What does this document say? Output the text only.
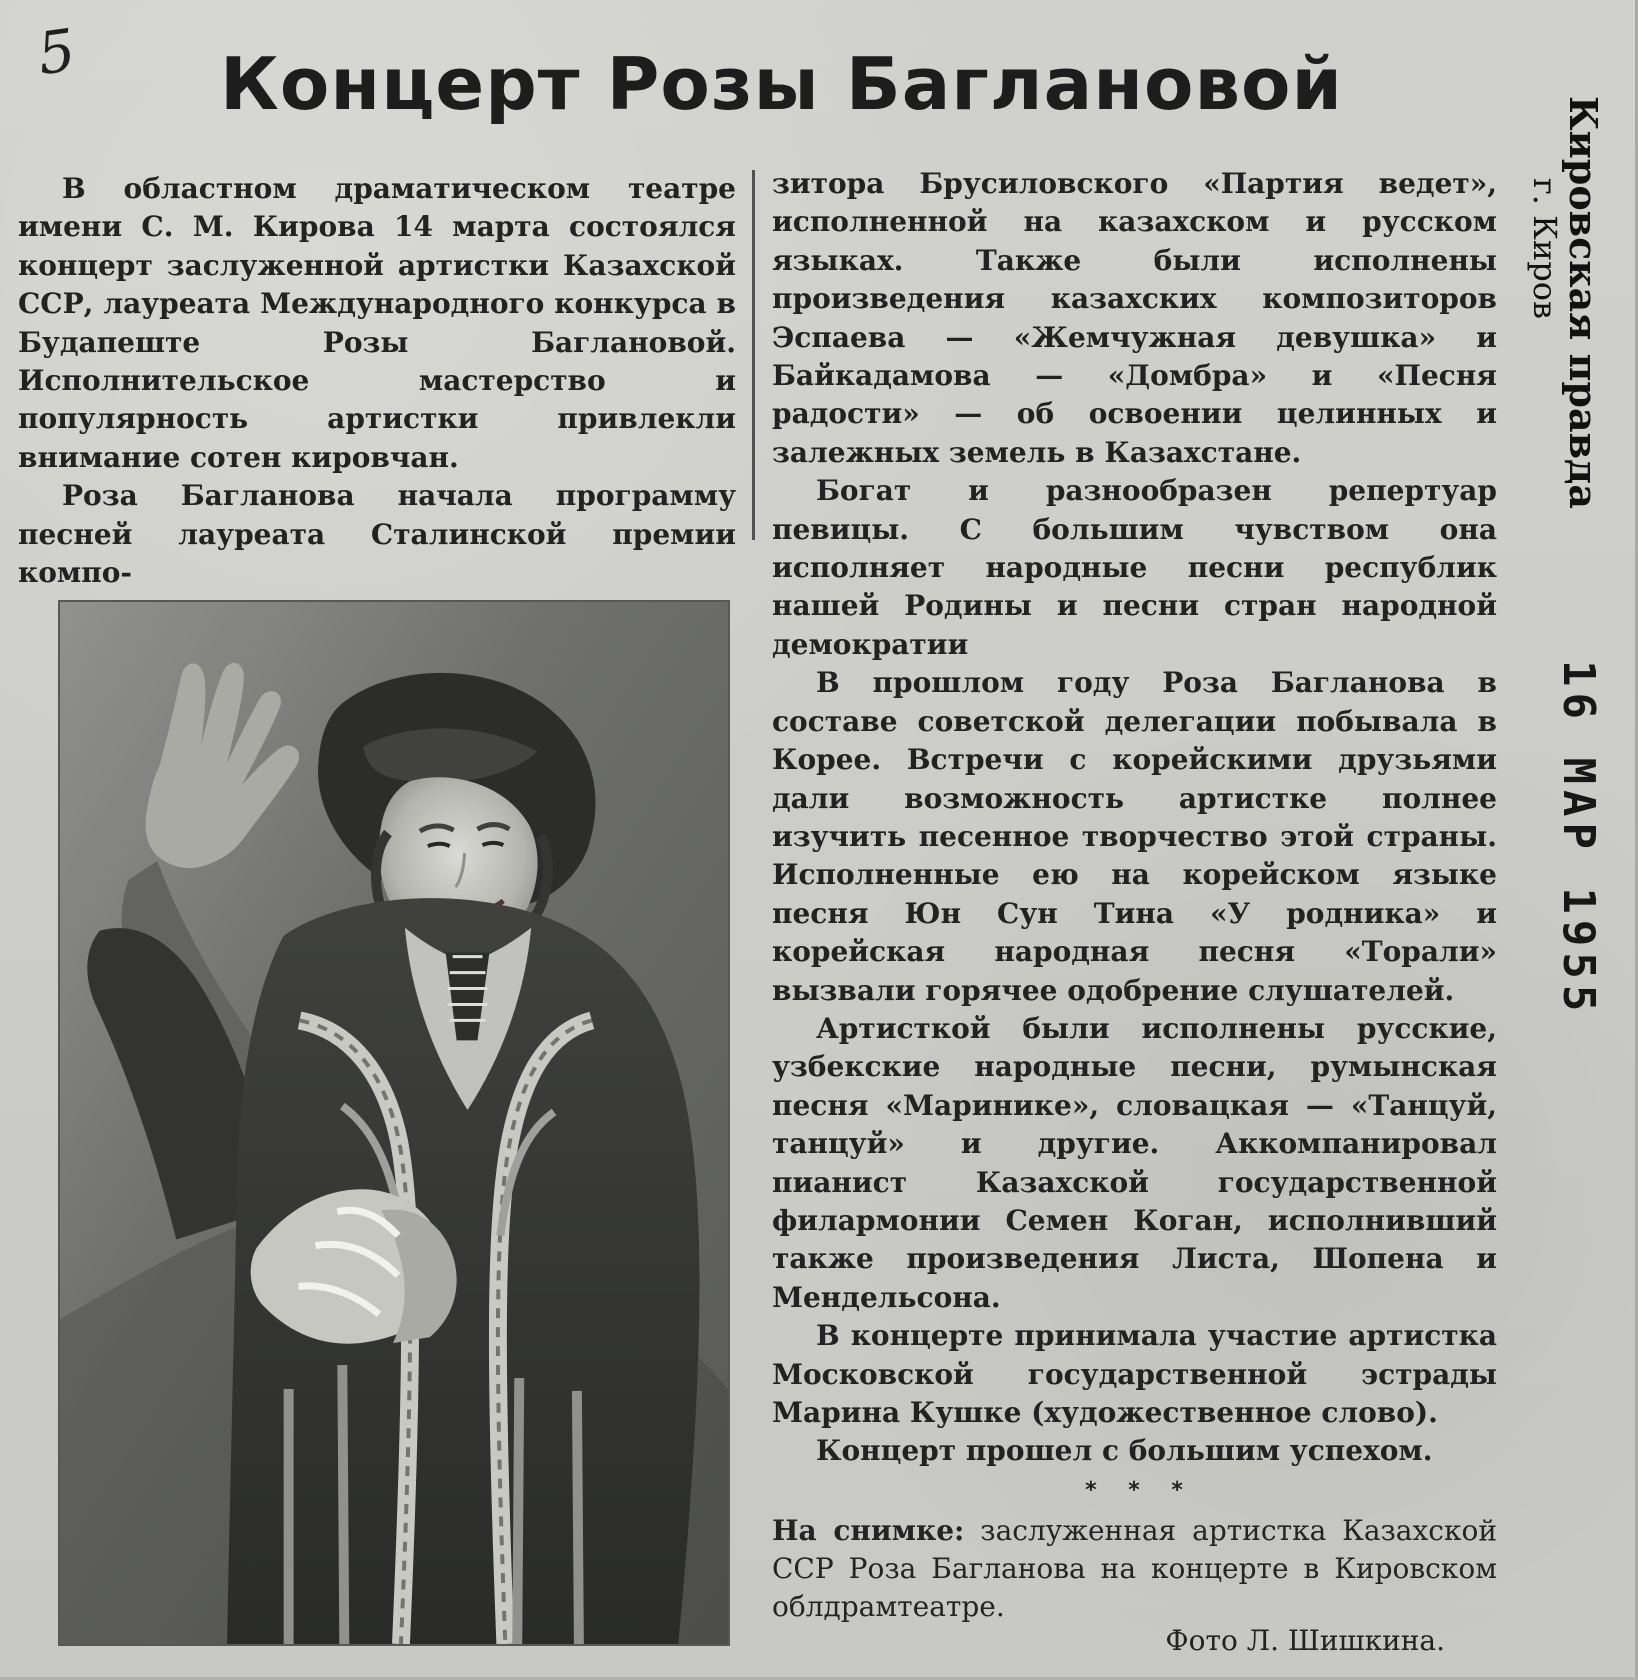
5 Концерт Розы Баглановой

В областном драматическом театре имени С. М. Кирова 14 марта состоялся концерт заслуженной артистки Казахской ССР, лауреата Международного конкурса в Будапеште Розы Баглановой. Исполнительское мастерство и популярность артистки привлекли внимание сотен кировчан.

Роза Багланова начала программу песней лауреата Сталинской премии компо-

зитора Брусиловского «Партия ведет», исполненной на казахском и русском языках. Также были исполнены произведения казахских композиторов Эспаева — «Жемчужная девушка» и Байкадамова — «Домбра» и «Песня радости» — об освоении целинных и залежных земель в Казахстане.

Богат и разнообразен репертуар певицы. С большим чувством она исполняет народные песни республик нашей Родины и песни стран народной демократии

В прошлом году Роза Багланова в составе советской делегации побывала в Корее. Встречи с корейскими друзьями дали возможность артистке полнее изучить песенное творчество этой страны. Исполненные ею на корейском языке песня Юн Сун Тина «У родника» и корейская народная песня «Торали» вызвали горячее одобрение слушателей.

Артисткой были исполнены русские, узбекские народные песни, румынская песня «Маринике», словацкая — «Танцуй, танцуй» и другие. Аккомпанировал пианист Казахской государственной филармонии Семен Коган, исполнивший также произведения Листа, Шопена и Мендельсона.

В концерте принимала участие артистка Московской государственной эстрады Марина Кушке (художественное слово).

Концерт прошел с большим успехом.

* * *
На снимке: заслуженная артистка Казахской ССР Роза Багланова на концерте в Кировском облдрамтеатре.
Фото Л. Шишкина.
Кировская правда
г. Киров
16 МАР 1955
